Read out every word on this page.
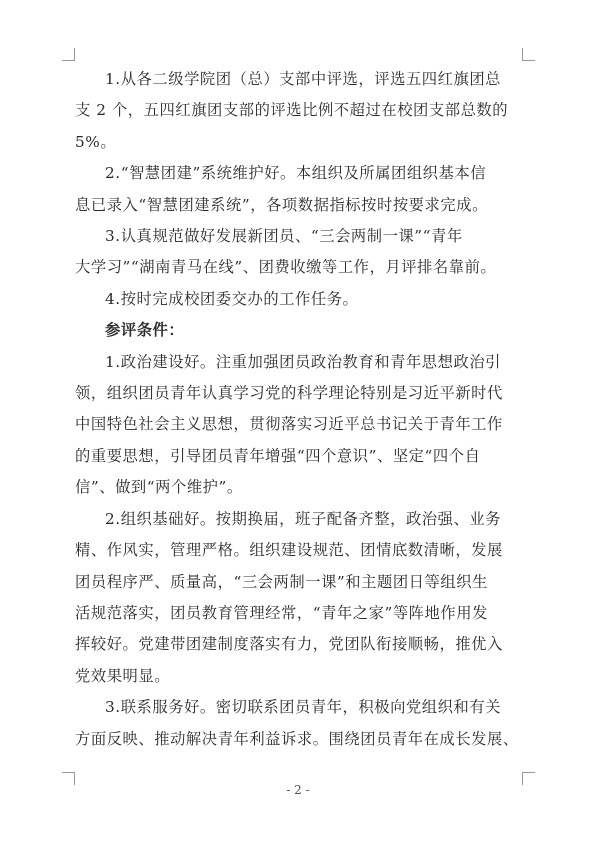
1.从各二级学院团（总）支部中评选，评选五四红旗团总
支 2 个，五四红旗团支部的评选比例不超过在校团支部总数的
5%。

2.“智慧团建”系统维护好。本组织及所属团组织基本信
息已录入“智慧团建系统”，各项数据指标按时按要求完成。

3.认真规范做好发展新团员、“三会两制一课”“青年
大学习”“湖南青马在线”、团费收缴等工作，月评排名靠前。

4.按时完成校团委交办的工作任务。

参评条件：

1.政治建设好。注重加强团员政治教育和青年思想政治引
领，组织团员青年认真学习党的科学理论特别是习近平新时代
中国特色社会主义思想，贯彻落实习近平总书记关于青年工作
的重要思想，引导团员青年增强“四个意识”、坚定“四个自
信”、做到“两个维护”。

2.组织基础好。按期换届，班子配备齐整，政治强、业务
精、作风实，管理严格。组织建设规范、团情底数清晰，发展
团员程序严、质量高，“三会两制一课”和主题团日等组织生
活规范落实，团员教育管理经常，“青年之家”等阵地作用发
挥较好。党建带团建制度落实有力，党团队衔接顺畅，推优入
党效果明显。

3.联系服务好。密切联系团员青年，积极向党组织和有关
方面反映、推动解决青年利益诉求。围绕团员青年在成长发展、

- 2 -
